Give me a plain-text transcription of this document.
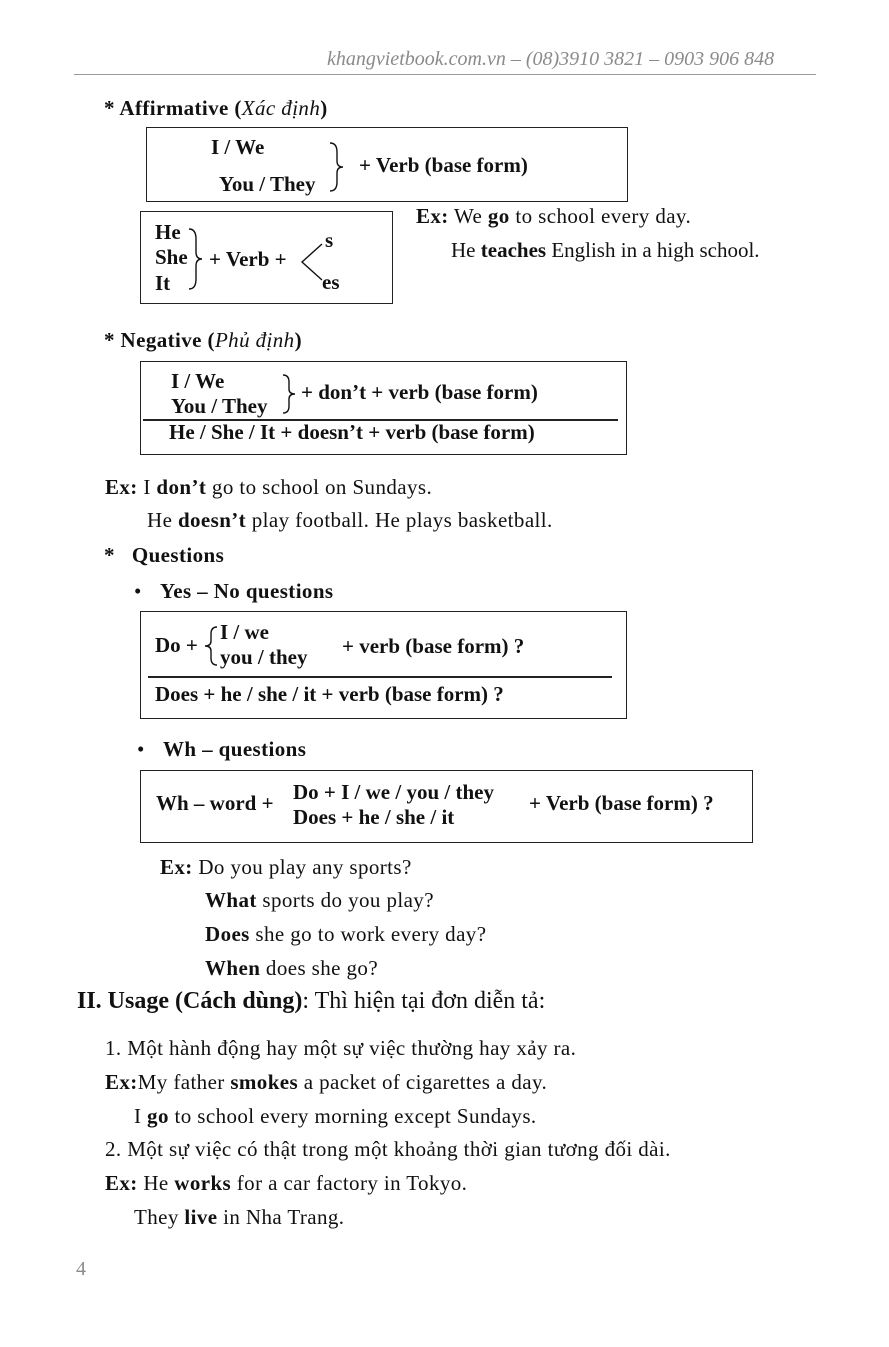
khangvietbook.com.vn – (08)3910 3821 – 0903 906 848
* Affirmative (Xác định)
I / We
You / They
+ Verb (base form)
He
She
It
+ Verb +
s
es
Ex: We go to school every day.
He teaches English in a high school.
* Negative (Phủ định)
I / We
You / They
+ don’t + verb (base form)
He / She / It + doesn’t + verb (base form)
Ex: I don’t go to school on Sundays.
He doesn’t play football. He plays basketball.
*   Questions
• Yes – No questions
Do +
I / we
you / they + verb (base form) ?
Does + he / she / it + verb (base form) ?
• Wh – questions
Wh – word + Do + I / we / you / they
Does + he / she / it
+ Verb (base form) ?
Ex: Do you play any sports?
What sports do you play?
Does she go to work every day?
When does she go?
II. Usage (Cách dùng): Thì hiện tại đơn diễn tả:
1. Một hành động hay một sự việc thường hay xảy ra.
Ex:My father smokes a packet of cigarettes a day.
I go to school every morning except Sundays.
2. Một sự việc có thật trong một khoảng thời gian tương đối dài.
Ex: He works for a car factory in Tokyo.
They live in Nha Trang.
4
